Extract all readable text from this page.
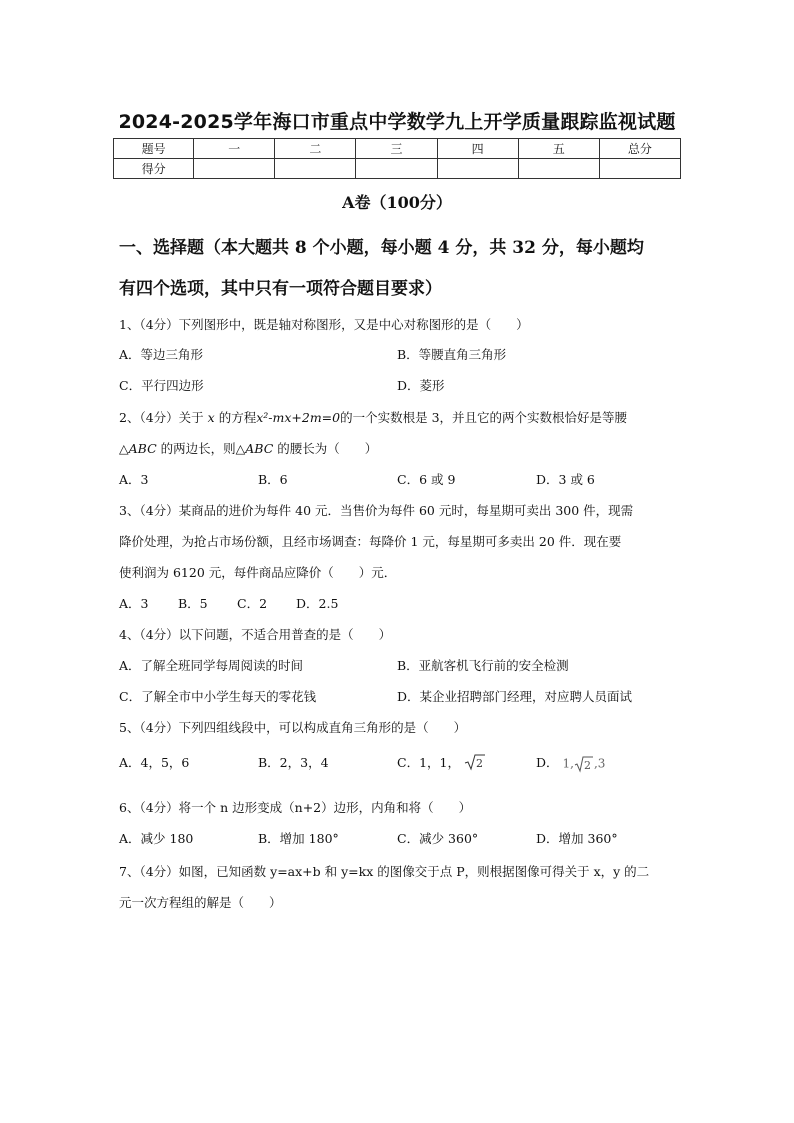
2024-2025学年海口市重点中学数学九上开学质量跟踪监视试题
题号	一	二	三	四	五	总分
得分						
A卷（100分）
一、选择题（本大题共 8 个小题，每小题 4 分，共 32 分，每小题均
有四个选项，其中只有一项符合题目要求）
1、（4分）下列图形中，既是轴对称图形，又是中心对称图形的是（　　）
A．等边三角形	B．等腰直角三角形
C．平行四边形	D．菱形
2、（4分）关于 x 的方程x²-mx+2m=0的一个实数根是 3，并且它的两个实数根恰好是等腰
△ABC 的两边长，则△ABC 的腰长为（　　）
A．3	B．6	C．6 或 9	D．3 或 6
3、（4分）某商品的进价为每件 40 元．当售价为每件 60 元时，每星期可卖出 300 件，现需
降价处理，为抢占市场份额，且经市场调查：每降价 1 元，每星期可多卖出 20 件．现在要
使利润为 6120 元，每件商品应降价（　　）元．
A．3 B．5 C．2 D．2.5
4、（4分）以下问题，不适合用普查的是（　　）
A．了解全班同学每周阅读的时间	B．亚航客机飞行前的安全检测
C．了解全市中小学生每天的零花钱	D．某企业招聘部门经理，对应聘人员面试
5、（4分）下列四组线段中，可以构成直角三角形的是（　　）
A．4，5，6	B．2，3，4	C．1，1， 2	D． 1, 2 ,3
6、（4分）将一个 n 边形变成（n+2）边形，内角和将（　　）
A．减少 180	B．增加 180°	C．减少 360°	D．增加 360°
7、（4分）如图，已知函数 y=ax+b 和 y=kx 的图像交于点 P，则根据图像可得关于 x，y 的二
元一次方程组的解是（　　）
